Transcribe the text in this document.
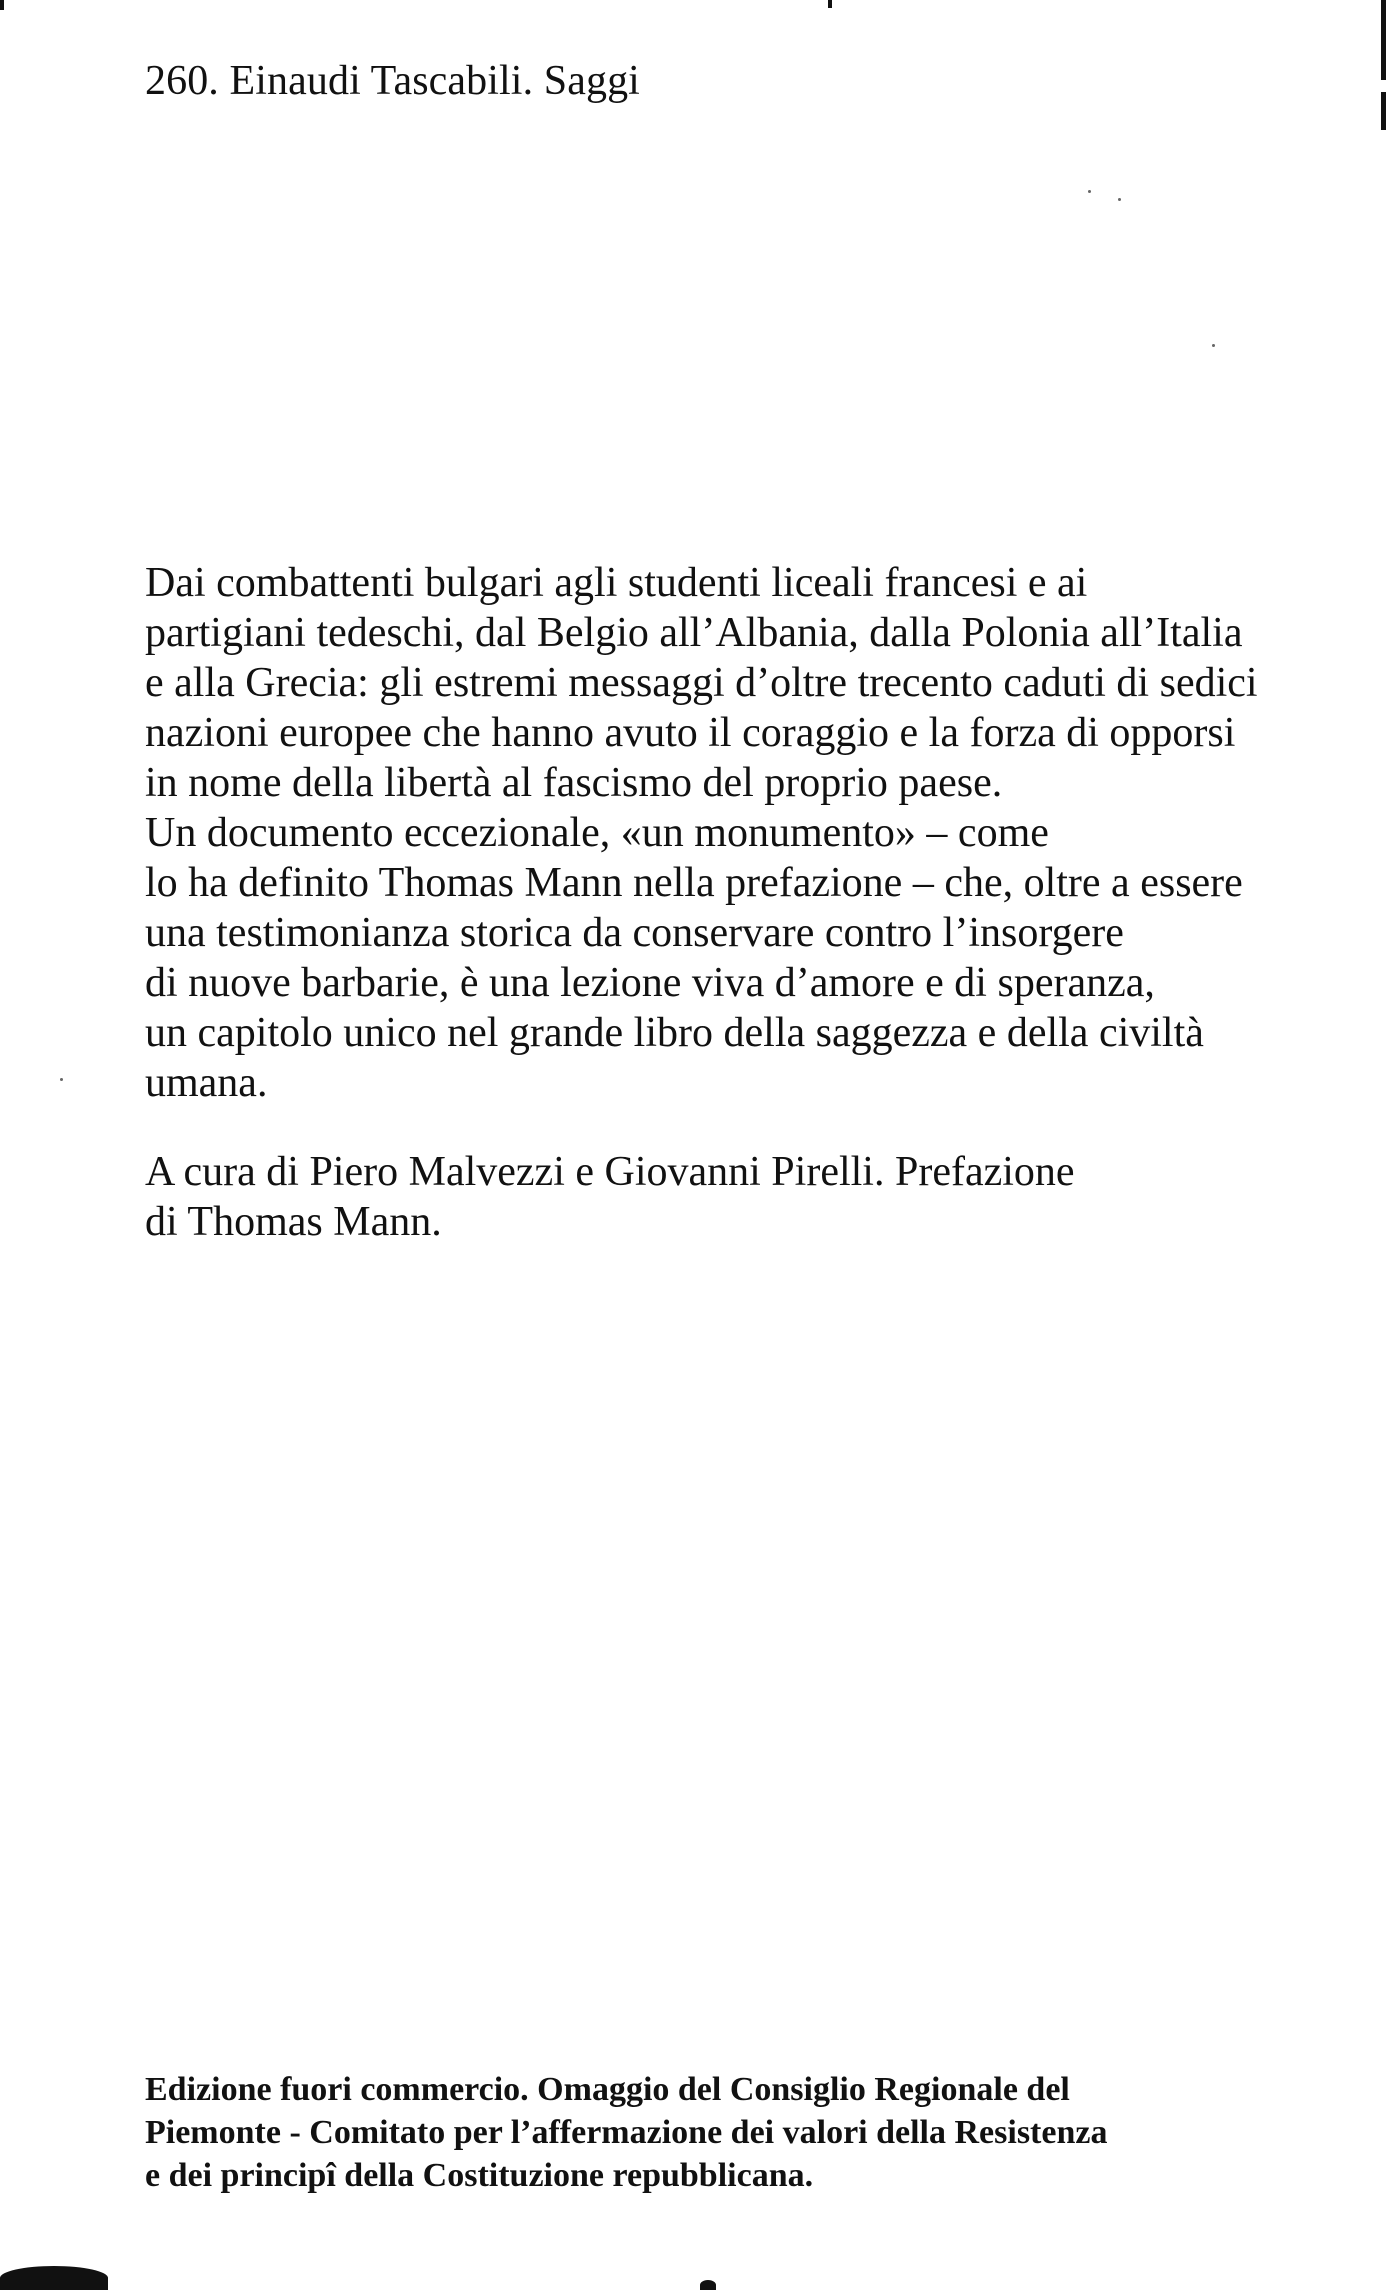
260. Einaudi Tascabili. Saggi

Dai combattenti bulgari agli studenti liceali francesi e ai
partigiani tedeschi, dal Belgio all’Albania, dalla Polonia all’Italia
e alla Grecia: gli estremi messaggi d’oltre trecento caduti di sedici
nazioni europee che hanno avuto il coraggio e la forza di opporsi
in nome della libertà al fascismo del proprio paese.
Un documento eccezionale, «un monumento» – come
lo ha definito Thomas Mann nella prefazione – che, oltre a essere
una testimonianza storica da conservare contro l’insorgere
di nuove barbarie, è una lezione viva d’amore e di speranza,
un capitolo unico nel grande libro della saggezza e della civiltà
umana.

A cura di Piero Malvezzi e Giovanni Pirelli. Prefazione
di Thomas Mann.

Edizione fuori commercio. Omaggio del Consiglio Regionale del
Piemonte - Comitato per l’affermazione dei valori della Resistenza
e dei principî della Costituzione repubblicana.
